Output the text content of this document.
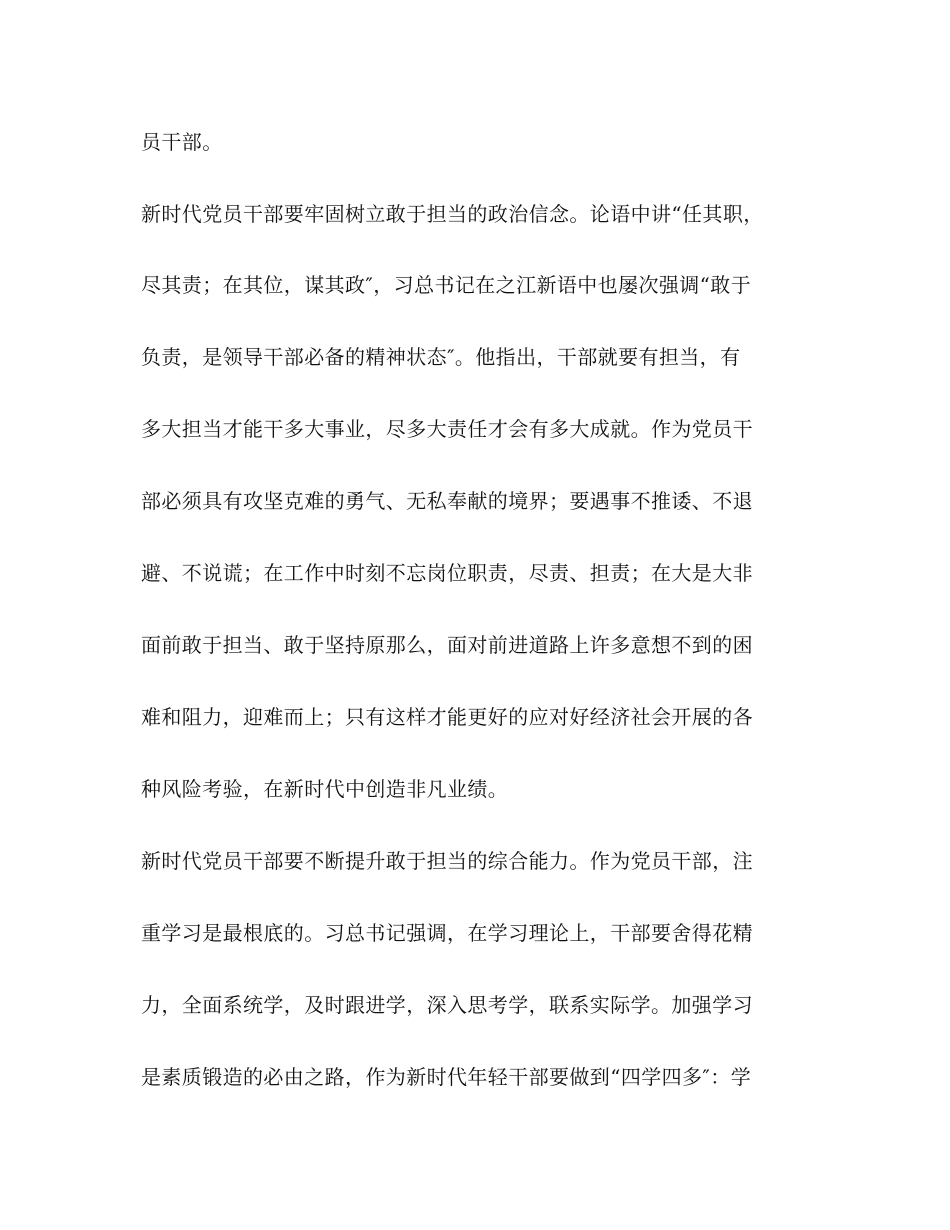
员干部。
新时代党员干部要牢固树立敢于担当的政治信念。论语中讲“任其职，
尽其责；在其位，谋其政″，习总书记在之江新语中也屡次强调“敢于
负责，是领导干部必备的精神状态″。他指出，干部就要有担当，有
多大担当才能干多大事业，尽多大责任才会有多大成就。作为党员干
部必须具有攻坚克难的勇气、无私奉献的境界；要遇事不推诿、不退
避、不说谎；在工作中时刻不忘岗位职责，尽责、担责；在大是大非
面前敢于担当、敢于坚持原那么，面对前进道路上许多意想不到的困
难和阻力，迎难而上；只有这样才能更好的应对好经济社会开展的各
种风险考验，在新时代中创造非凡业绩。
新时代党员干部要不断提升敢于担当的综合能力。作为党员干部，注
重学习是最根底的。习总书记强调，在学习理论上，干部要舍得花精
力，全面系统学，及时跟进学，深入思考学，联系实际学。加强学习
是素质锻造的必由之路，作为新时代年轻干部要做到“四学四多″：学
